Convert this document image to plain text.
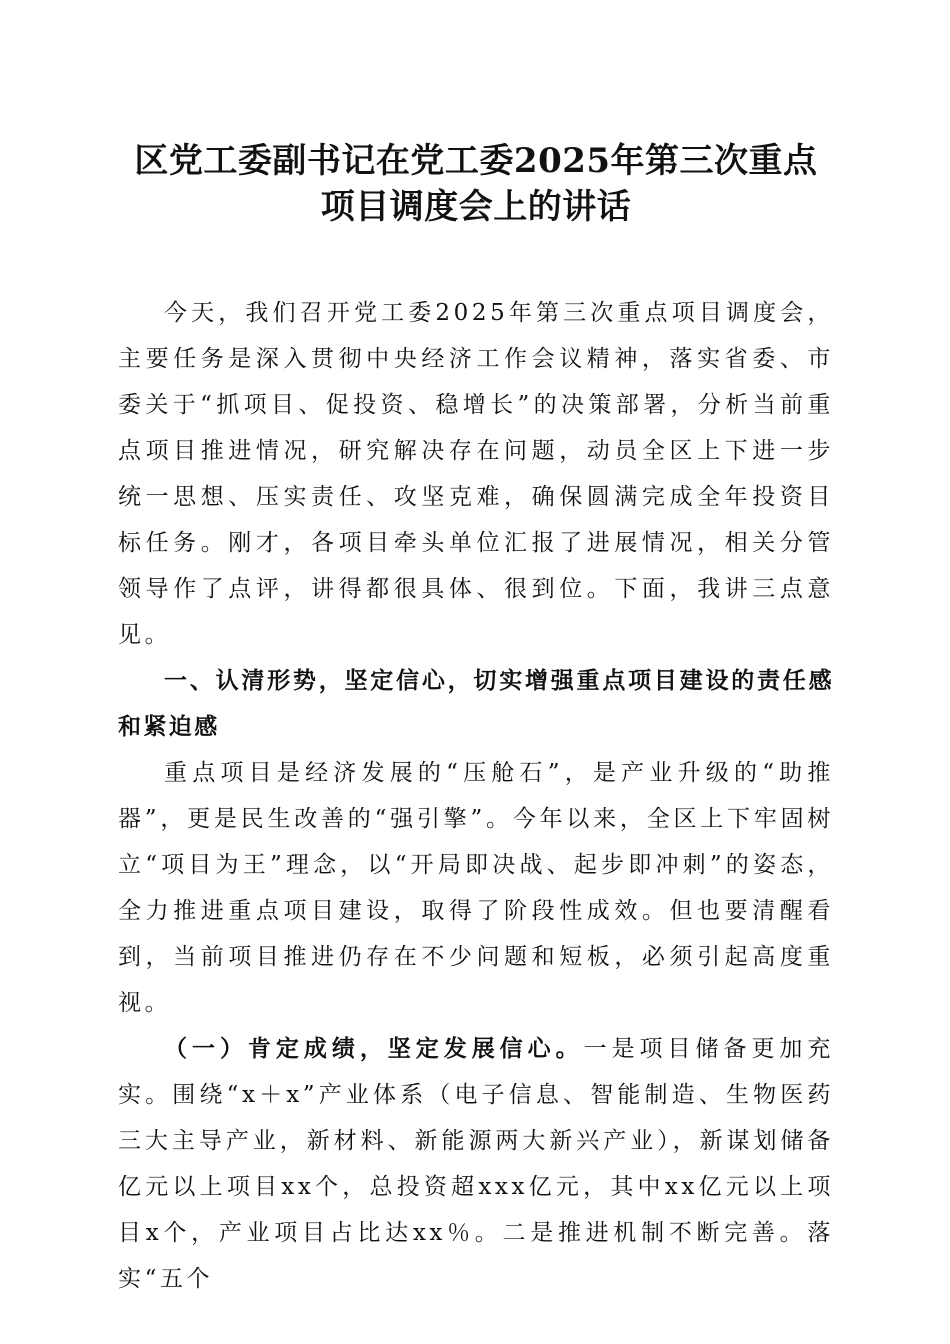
区党工委副书记在党工委2025年第三次重点
项目调度会上的讲话

今天，我们召开党工委2025年第三次重点项目调度会，主要任务是深入贯彻中央经济工作会议精神，落实省委、市委关于“抓项目、促投资、稳增长”的决策部署，分析当前重点项目推进情况，研究解决存在问题，动员全区上下进一步统一思想、压实责任、攻坚克难，确保圆满完成全年投资目标任务。刚才，各项目牵头单位汇报了进展情况，相关分管领导作了点评，讲得都很具体、很到位。下面，我讲三点意见。

一、认清形势，坚定信心，切实增强重点项目建设的责任感和紧迫感

重点项目是经济发展的“压舱石”，是产业升级的“助推器”，更是民生改善的“强引擎”。今年以来，全区上下牢固树立“项目为王”理念，以“开局即决战、起步即冲刺”的姿态，全力推进重点项目建设，取得了阶段性成效。但也要清醒看到，当前项目推进仍存在不少问题和短板，必须引起高度重视。

（一）肯定成绩，坚定发展信心。一是项目储备更加充实。围绕“x＋x”产业体系（电子信息、智能制造、生物医药三大主导产业，新材料、新能源两大新兴产业），新谋划储备亿元以上项目xx个，总投资超xxx亿元，其中xx亿元以上项目x个，产业项目占比达xx％。二是推进机制不断完善。落实“五个
